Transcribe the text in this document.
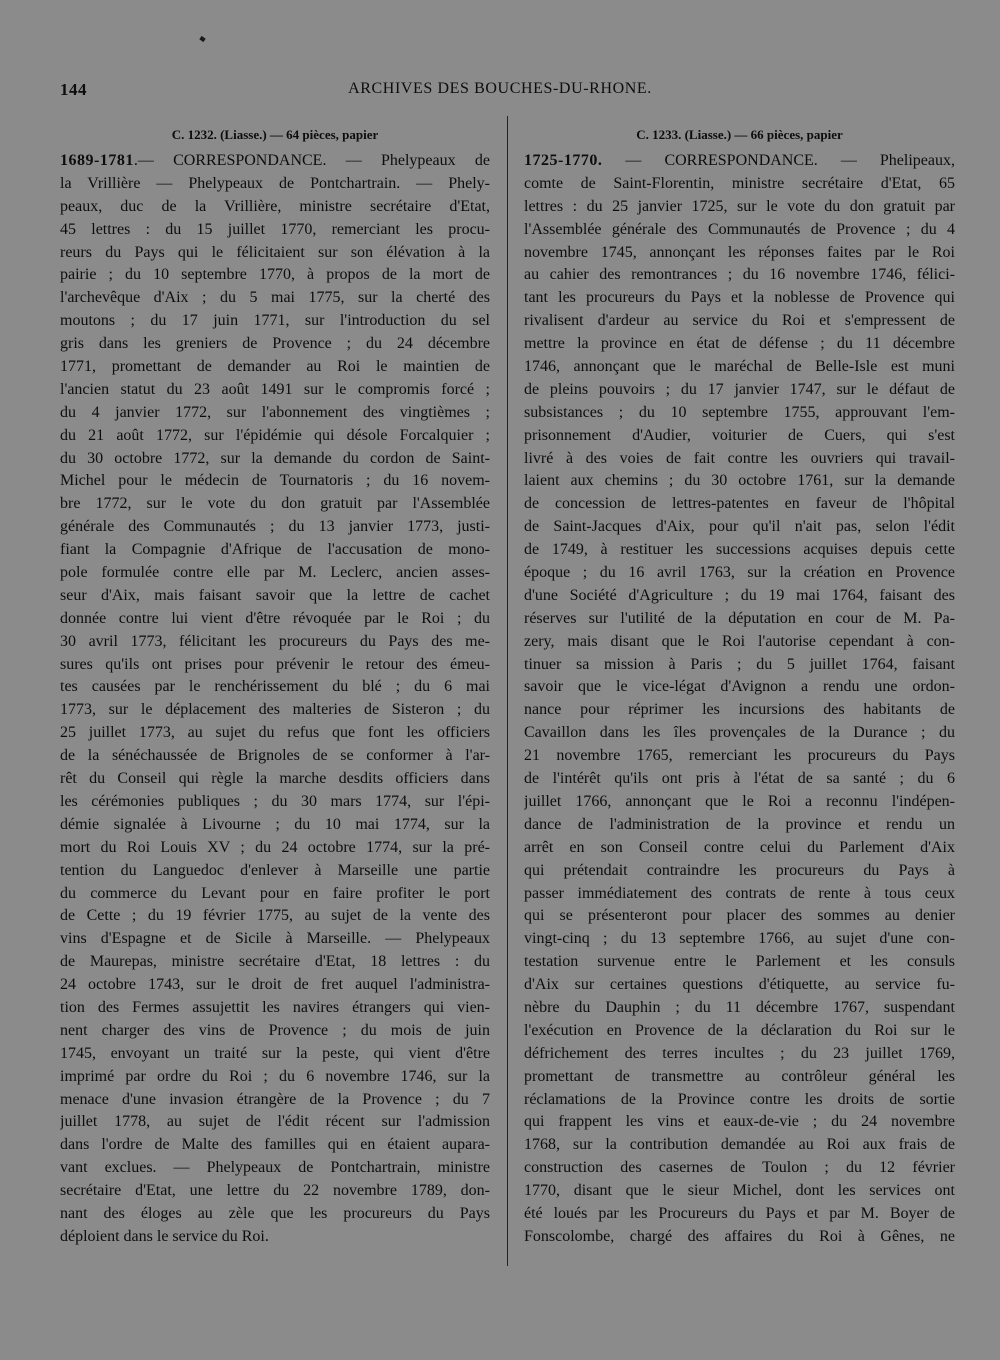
144	ARCHIVES DES BOUCHES-DU-RHONE.
C. 1232. (Liasse.) — 64 pièces, papier
1689-1781.— CORRESPONDANCE. — Phelypeaux de
la Vrillière — Phelypeaux de Pontchartrain. — Phely-
peaux, duc de la Vrillière, ministre secrétaire d'Etat,
45 lettres : du 15 juillet 1770, remerciant les procu-
reurs du Pays qui le félicitaient sur son élévation à la
pairie ; du 10 septembre 1770, à propos de la mort de
l'archevêque d'Aix ; du 5 mai 1775, sur la cherté des
moutons ; du 17 juin 1771, sur l'introduction du sel
gris dans les greniers de Provence ; du 24 décembre
1771, promettant de demander au Roi le maintien de
l'ancien statut du 23 août 1491 sur le compromis forcé ;
du 4 janvier 1772, sur l'abonnement des vingtièmes ;
du 21 août 1772, sur l'épidémie qui désole Forcalquier ;
du 30 octobre 1772, sur la demande du cordon de Saint-
Michel pour le médecin de Tournatoris ; du 16 novem-
bre 1772, sur le vote du don gratuit par l'Assemblée
générale des Communautés ; du 13 janvier 1773, justi-
fiant la Compagnie d'Afrique de l'accusation de mono-
pole formulée contre elle par M. Leclerc, ancien asses-
seur d'Aix, mais faisant savoir que la lettre de cachet
donnée contre lui vient d'être révoquée par le Roi ; du
30 avril 1773, félicitant les procureurs du Pays des me-
sures qu'ils ont prises pour prévenir le retour des émeu-
tes causées par le renchérissement du blé ; du 6 mai
1773, sur le déplacement des malteries de Sisteron ; du
25 juillet 1773, au sujet du refus que font les officiers
de la sénéchaussée de Brignoles de se conformer à l'ar-
rêt du Conseil qui règle la marche desdits officiers dans
les cérémonies publiques ; du 30 mars 1774, sur l'épi-
démie signalée à Livourne ; du 10 mai 1774, sur la
mort du Roi Louis XV ; du 24 octobre 1774, sur la pré-
tention du Languedoc d'enlever à Marseille une partie
du commerce du Levant pour en faire profiter le port
de Cette ; du 19 février 1775, au sujet de la vente des
vins d'Espagne et de Sicile à Marseille. — Phelypeaux
de Maurepas, ministre secrétaire d'Etat, 18 lettres : du
24 octobre 1743, sur le droit de fret auquel l'administra-
tion des Fermes assujettit les navires étrangers qui vien-
nent charger des vins de Provence ; du mois de juin
1745, envoyant un traité sur la peste, qui vient d'être
imprimé par ordre du Roi ; du 6 novembre 1746, sur la
menace d'une invasion étrangère de la Provence ; du 7
juillet 1778, au sujet de l'édit récent sur l'admission
dans l'ordre de Malte des familles qui en étaient aupara-
vant exclues. — Phelypeaux de Pontchartrain, ministre
secrétaire d'Etat, une lettre du 22 novembre 1789, don-
nant des éloges au zèle que les procureurs du Pays
déploient dans le service du Roi.
C. 1233. (Liasse.) — 66 pièces, papier
1725-1770. — CORRESPONDANCE. — Phelipeaux,
comte de Saint-Florentin, ministre secrétaire d'Etat, 65
lettres : du 25 janvier 1725, sur le vote du don gratuit par
l'Assemblée générale des Communautés de Provence ; du 4
novembre 1745, annonçant les réponses faites par le Roi
au cahier des remontrances ; du 16 novembre 1746, félici-
tant les procureurs du Pays et la noblesse de Provence qui
rivalisent d'ardeur au service du Roi et s'empressent de
mettre la province en état de défense ; du 11 décembre
1746, annonçant que le maréchal de Belle-Isle est muni
de pleins pouvoirs ; du 17 janvier 1747, sur le défaut de
subsistances ; du 10 septembre 1755, approuvant l'em-
prisonnement d'Audier, voiturier de Cuers, qui s'est
livré à des voies de fait contre les ouvriers qui travail-
laient aux chemins ; du 30 octobre 1761, sur la demande
de concession de lettres-patentes en faveur de l'hôpital
de Saint-Jacques d'Aix, pour qu'il n'ait pas, selon l'édit
de 1749, à restituer les successions acquises depuis cette
époque ; du 16 avril 1763, sur la création en Provence
d'une Société d'Agriculture ; du 19 mai 1764, faisant des
réserves sur l'utilité de la députation en cour de M. Pa-
zery, mais disant que le Roi l'autorise cependant à con-
tinuer sa mission à Paris ; du 5 juillet 1764, faisant
savoir que le vice-légat d'Avignon a rendu une ordon-
nance pour réprimer les incursions des habitants de
Cavaillon dans les îles provençales de la Durance ; du
21 novembre 1765, remerciant les procureurs du Pays
de l'intérêt qu'ils ont pris à l'état de sa santé ; du 6
juillet 1766, annonçant que le Roi a reconnu l'indépen-
dance de l'administration de la province et rendu un
arrêt en son Conseil contre celui du Parlement d'Aix
qui prétendait contraindre les procureurs du Pays à
passer immédiatement des contrats de rente à tous ceux
qui se présenteront pour placer des sommes au denier
vingt-cinq ; du 13 septembre 1766, au sujet d'une con-
testation survenue entre le Parlement et les consuls
d'Aix sur certaines questions d'étiquette, au service fu-
nèbre du Dauphin ; du 11 décembre 1767, suspendant
l'exécution en Provence de la déclaration du Roi sur le
défrichement des terres incultes ; du 23 juillet 1769,
promettant de transmettre au contrôleur général les
réclamations de la Province contre les droits de sortie
qui frappent les vins et eaux-de-vie ; du 24 novembre
1768, sur la contribution demandée au Roi aux frais de
construction des casernes de Toulon ; du 12 février
1770, disant que le sieur Michel, dont les services ont
été loués par les Procureurs du Pays et par M. Boyer de
Fonscolombe, chargé des affaires du Roi à Gênes, ne
